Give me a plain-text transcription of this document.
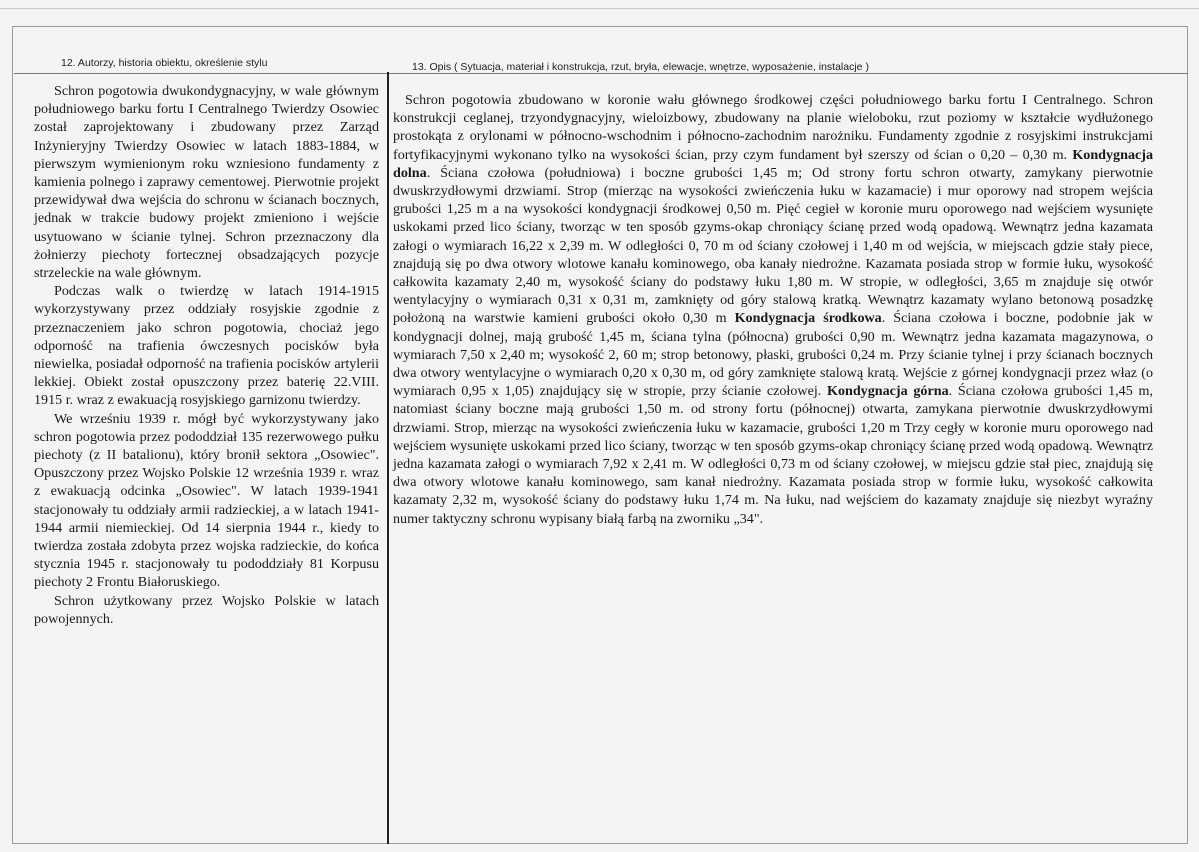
12. Autorzy, historia obiektu, określenie stylu	13. Opis ( Sytuacja, materiał i konstrukcja, rzut, bryła, elewacje, wnętrze, wyposażenie, instalacje )

Schron pogotowia dwukondygnacyjny, w wale głównym południowego barku fortu I Centralnego Twierdzy Osowiec został zaprojektowany i zbudowany przez Zarząd Inżynieryjny Twierdzy Osowiec w latach 1883-1884, w pierwszym wymienionym roku wzniesiono fundamenty z kamienia polnego i zaprawy cementowej. Pierwotnie projekt przewidywał dwa wejścia do schronu w ścianach bocznych, jednak w trakcie budowy projekt zmieniono i wejście usytuowano w ścianie tylnej. Schron przeznaczony dla żołnierzy piechoty fortecznej obsadzających pozycje strzeleckie na wale głównym.

Podczas walk o twierdzę w latach 1914-1915 wykorzystywany przez oddziały rosyjskie zgodnie z przeznaczeniem jako schron pogotowia, chociaż jego odporność na trafienia ówczesnych pocisków była niewielka, posiadał odporność na trafienia pocisków artylerii lekkiej. Obiekt został opuszczony przez baterię 22.VIII. 1915 r. wraz z ewakuacją rosyjskiego garnizonu twierdzy.

We wrześniu 1939 r. mógł być wykorzystywany jako schron pogotowia przez pododdział 135 rezerwowego pułku piechoty (z II batalionu), który bronił sektora „Osowiec". Opuszczony przez Wojsko Polskie 12 września 1939 r. wraz z ewakuacją odcinka „Osowiec". W latach 1939-1941 stacjonowały tu oddziały armii radzieckiej, a w latach 1941-1944 armii niemieckiej. Od 14 sierpnia 1944 r., kiedy to twierdza została zdobyta przez wojska radzieckie, do końca stycznia 1945 r. stacjonowały tu pododdziały 81 Korpusu piechoty 2 Frontu Białoruskiego.

Schron użytkowany przez Wojsko Polskie w latach powojennych.

Schron pogotowia zbudowano w koronie wału głównego środkowej części południowego barku fortu I Centralnego. Schron konstrukcji ceglanej, trzyondygnacyjny, wieloizbowy, zbudowany na planie wieloboku, rzut poziomy w kształcie wydłużonego prostokąta z orylonami w północno-wschodnim i północno-zachodnim narożniku. Fundamenty zgodnie z rosyjskimi instrukcjami fortyfikacyjnymi wykonano tylko na wysokości ścian, przy czym fundament był szerszy od ścian o 0,20 – 0,30 m. Kondygnacja dolna. Ściana czołowa (południowa) i boczne grubości 1,45 m; Od strony fortu schron otwarty, zamykany pierwotnie dwuskrzydłowymi drzwiami. Strop (mierząc na wysokości zwieńczenia łuku w kazamacie) i mur oporowy nad stropem wejścia grubości 1,25 m a na wysokości kondygnacji środkowej 0,50 m. Pięć cegieł w koronie muru oporowego nad wejściem wysunięte uskokami przed lico ściany, tworząc w ten sposób gzyms-okap chroniący ścianę przed wodą opadową. Wewnątrz jedna kazamata załogi o wymiarach 16,22 x 2,39 m. W odległości 0, 70 m od ściany czołowej i 1,40 m od wejścia, w miejscach gdzie stały piece, znajdują się po dwa otwory wlotowe kanału kominowego, oba kanały niedrożne. Kazamata posiada strop w formie łuku, wysokość całkowita kazamaty 2,40 m, wysokość ściany do podstawy łuku 1,80 m. W stropie, w odległości, 3,65 m znajduje się otwór wentylacyjny o wymiarach 0,31 x 0,31 m, zamknięty od góry stalową kratką. Wewnątrz kazamaty wylano betonową posadzkę położoną na warstwie kamieni grubości około 0,30 m Kondygnacja środkowa. Ściana czołowa i boczne, podobnie jak w kondygnacji dolnej, mają grubość 1,45 m, ściana tylna (północna) grubości 0,90 m. Wewnątrz jedna kazamata magazynowa, o wymiarach 7,50 x 2,40 m; wysokość 2, 60 m; strop betonowy, płaski, grubości 0,24 m. Przy ścianie tylnej i przy ścianach bocznych dwa otwory wentylacyjne o wymiarach 0,20 x 0,30 m, od góry zamknięte stalową kratą. Wejście z górnej kondygnacji przez właz (o wymiarach 0,95 x 1,05) znajdujący się w stropie, przy ścianie czołowej. Kondygnacja górna. Ściana czołowa grubości 1,45 m, natomiast ściany boczne mają grubości 1,50 m. od strony fortu (północnej) otwarta, zamykana pierwotnie dwuskrzydłowymi drzwiami. Strop, mierząc na wysokości zwieńczenia łuku w kazamacie, grubości 1,20 m Trzy cegły w koronie muru oporowego nad wejściem wysunięte uskokami przed lico ściany, tworząc w ten sposób gzyms-okap chroniący ścianę przed wodą opadową. Wewnątrz jedna kazamata załogi o wymiarach 7,92 x 2,41 m. W odległości 0,73 m od ściany czołowej, w miejscu gdzie stał piec, znajdują się dwa otwory wlotowe kanału kominowego, sam kanał niedrożny. Kazamata posiada strop w formie łuku, wysokość całkowita kazamaty 2,32 m, wysokość ściany do podstawy łuku 1,74 m. Na łuku, nad wejściem do kazamaty znajduje się niezbyt wyraźny numer taktyczny schronu wypisany białą farbą na zworniku „34".
